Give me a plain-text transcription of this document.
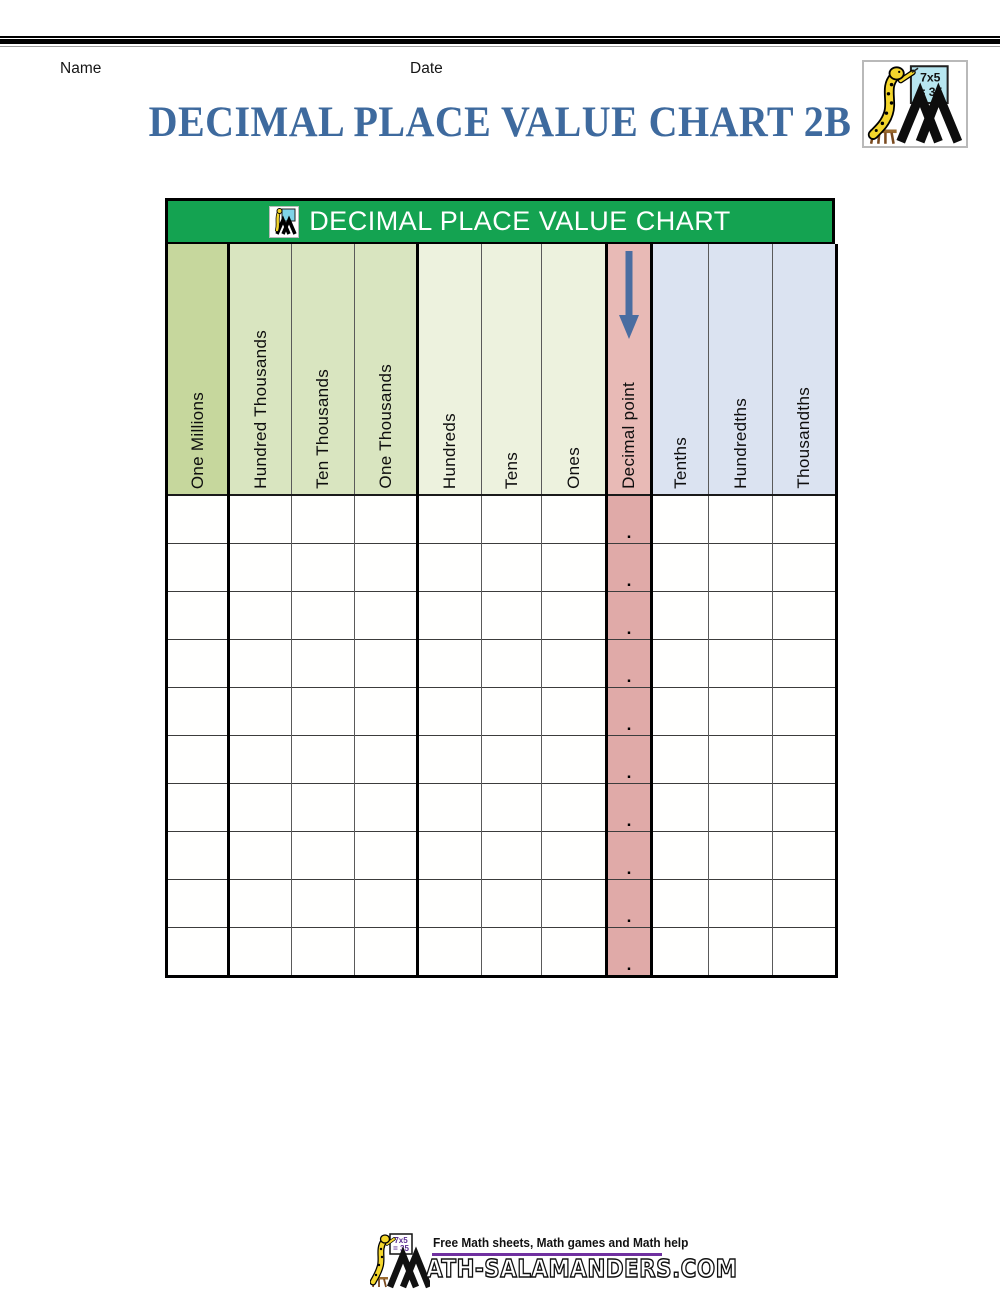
Name	Date
7x5
= 35
DECIMAL PLACE VALUE CHART 2B
DECIMAL PLACE VALUE CHART
One Millions	Hundred Thousands	Ten Thousands	One Thousands	Hundreds	Tens	Ones	Decimal point	Tenths	Hundredths	Thousandths

							.			

							.			

							.			

							.			

							.			

							.			

							.			

							.			

							.			

							.			

7x5
= 35 Free Math sheets, Math games and Math help
ATH-SALAMANDERS.COM
